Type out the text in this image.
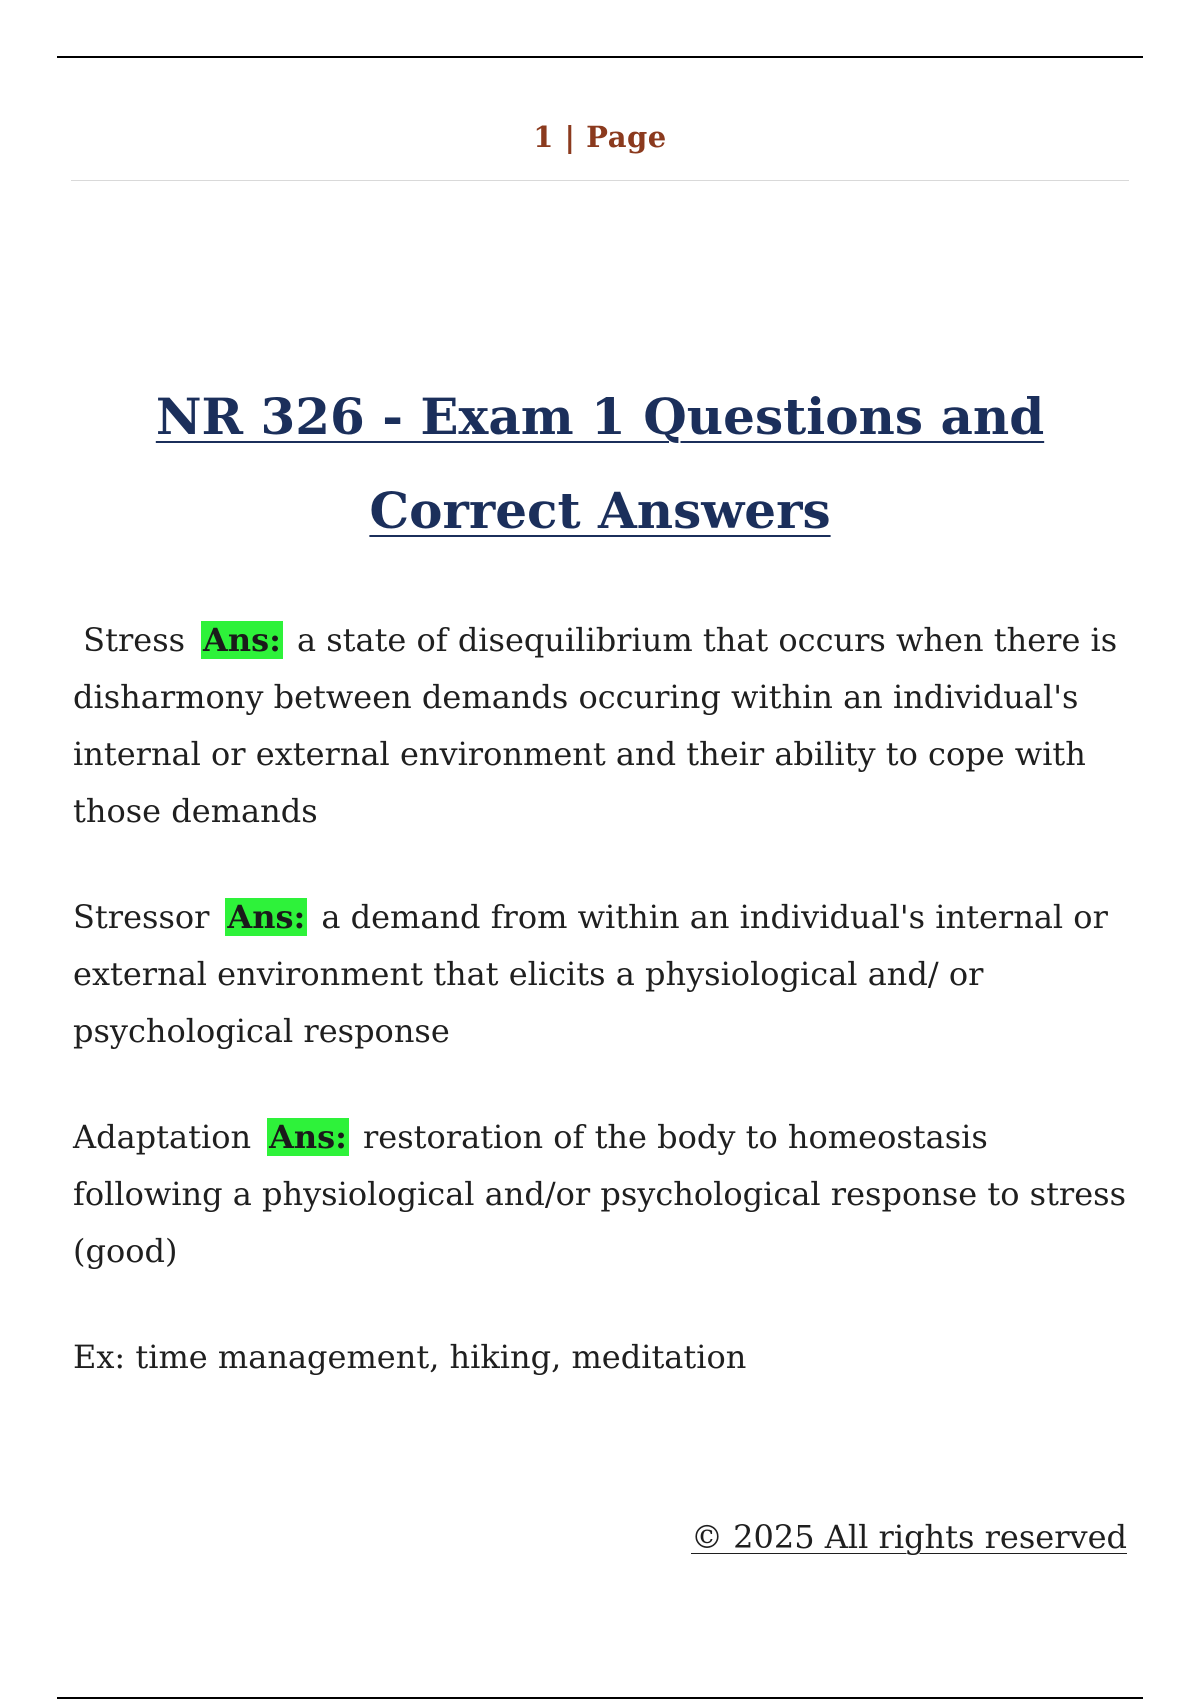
1 | Page
NR 326 - Exam 1 Questions and Correct Answers

Stress Ans: a state of disequilibrium that occurs when there is disharmony between demands occuring within an individual's internal or external environment and their ability to cope with those demands

Stressor Ans: a demand from within an individual's internal or external environment that elicits a physiological and/ or psychological response

Adaptation Ans: restoration of the body to homeostasis following a physiological and/or psychological response to stress (good)

Ex: time management, hiking, meditation

© 2025 All rights reserved
